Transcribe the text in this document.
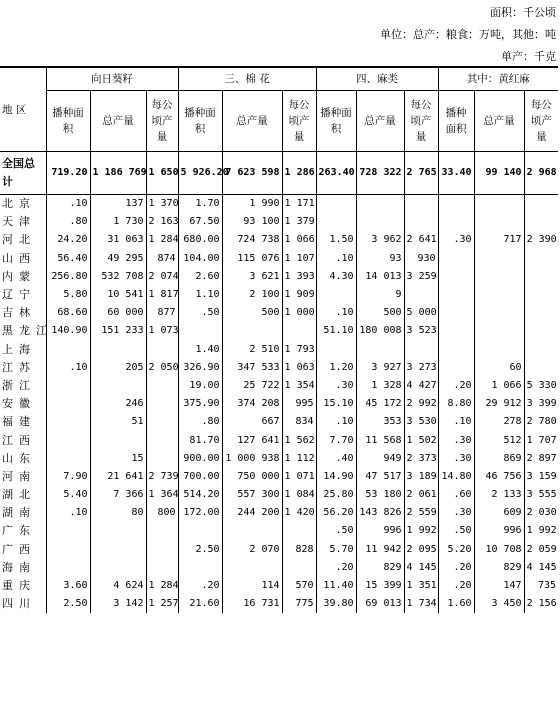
面积：千公顷
单位：总产：粮食：万吨，其他：吨
单产：千克
地 区	向日葵籽			三、棉 花			四、麻类			其中：黄红麻		
	播种面积	总产量	每公顷产量	播种面积	总产量	每公顷产量	播种面积	总产量	每公顷产量	播种面积	总产量	每公顷产量
全国总计	719.20	1 186 769	1 650	5 926.20	7 623 598	1 286	263.40	728 322	2 765	33.40	99 140	2 968
北京	.10	137	1 370	1.70	1 990	1 171						
天津	.80	1 730	2 163	67.50	93 100	1 379						
河北	24.20	31 063	1 284	680.00	724 738	1 066	1.50	3 962	2 641	.30	717	2 390
山西	56.40	49 295	874	104.00	115 076	1 107	.10	93	930			
内蒙	256.80	532 708	2 074	2.60	3 621	1 393	4.30	14 013	3 259			
辽宁	5.80	10 541	1 817	1.10	2 100	1 909		9				
吉林	68.60	60 000	877	.50	500	1 000	.10	500	5 000			
黑龙江	140.90	151 233	1 073				51.10	180 008	3 523			
上海				1.40	2 510	1 793						
江苏	.10	205	2 050	326.90	347 533	1 063	1.20	3 927	3 273		60	
浙江				19.00	25 722	1 354	.30	1 328	4 427	.20	1 066	5 330
安徽		246		375.90	374 208	995	15.10	45 172	2 992	8.80	29 912	3 399
福建		51		.80	667	834	.10	353	3 530	.10	278	2 780
江西				81.70	127 641	1 562	7.70	11 568	1 502	.30	512	1 707
山东		15		900.00	1 000 938	1 112	.40	949	2 373	.30	869	2 897
河南	7.90	21 641	2 739	700.00	750 000	1 071	14.90	47 517	3 189	14.80	46 756	3 159
湖北	5.40	7 366	1 364	514.20	557 300	1 084	25.80	53 180	2 061	.60	2 133	3 555
湖南	.10	80	800	172.00	244 200	1 420	56.20	143 826	2 559	.30	609	2 030
广东							.50	996	1 992	.50	996	1 992
广西				2.50	2 070	828	5.70	11 942	2 095	5.20	10 708	2 059
海南							.20	829	4 145	.20	829	4 145
重庆	3.60	4 624	1 284	.20	114	570	11.40	15 399	1 351	.20	147	735
四川	2.50	3 142	1 257	21.60	16 731	775	39.80	69 013	1 734	1.60	3 450	2 156
